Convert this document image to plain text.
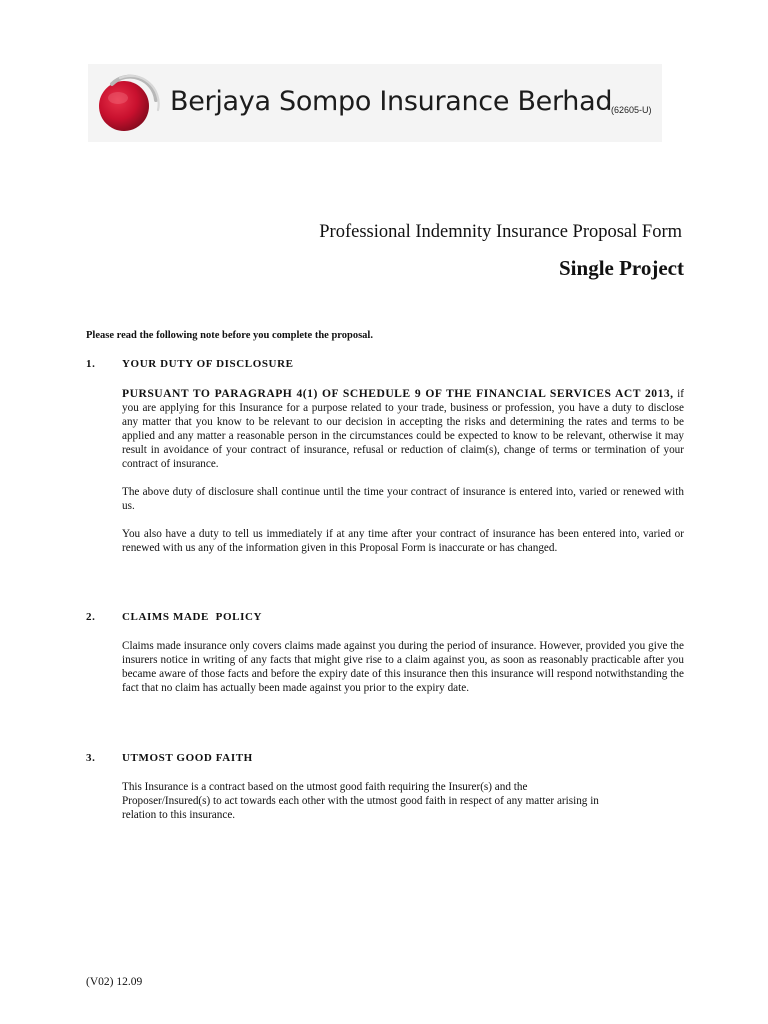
Berjaya Sompo Insurance Berhad
(62605-U)
Professional Indemnity Insurance Proposal Form
Single Project
Please read the following note before you complete the proposal.
1.	YOUR DUTY OF DISCLOSURE

PURSUANT TO PARAGRAPH 4(1) OF SCHEDULE 9 OF THE FINANCIAL SERVICES ACT 2013, if you are applying for this Insurance for a purpose related to your trade, business or profession, you have a duty to disclose any matter that you know to be relevant to our decision in accepting the risks and determining the rates and terms to be applied and any matter a reasonable person in the circumstances could be expected to know to be relevant, otherwise it may result in avoidance of your contract of insurance, refusal or reduction of claim(s), change of terms or termination of your contract of insurance.

The above duty of disclosure shall continue until the time your contract of insurance is entered into, varied or renewed with us.

You also have a duty to tell us immediately if at any time after your contract of insurance has been entered into, varied or renewed with us any of the information given in this Proposal Form is inaccurate or has changed.

2.	CLAIMS MADE  POLICY

Claims made insurance only covers claims made against you during the period of insurance. However, provided you give the insurers notice in writing of any facts that might give rise to a claim against you, as soon as reasonably practicable after you became aware of those facts and before the expiry date of this insurance then this insurance will respond notwithstanding the fact that no claim has actually been made against you prior to the expiry date.

3.	UTMOST GOOD FAITH
This Insurance is a contract based on the utmost good faith requiring the Insurer(s) and the
Proposer/Insured(s) to act towards each other with the utmost good faith in respect of any matter arising in
relation to this insurance.
(V02) 12.09
